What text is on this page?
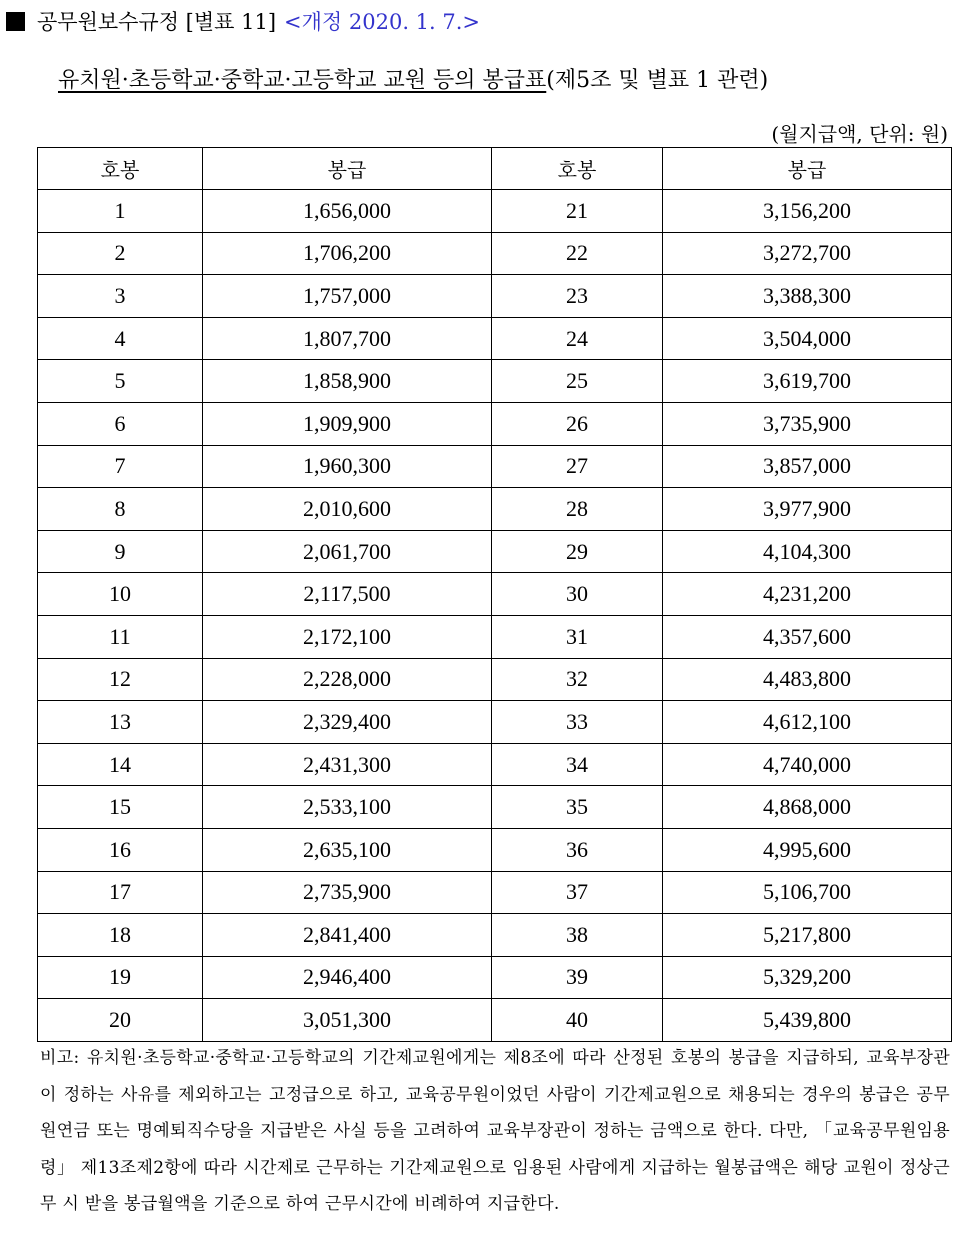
공무원보수규정 [별표 11] <개정 2020. 1. 7.>
유치원·초등학교·중학교·고등학교 교원 등의 봉급표 (제5조 및 별표 1 관련)
(월지급액, 단위: 원)
호봉	봉급	호봉	봉급
1	1,656,000	21	3,156,200
2	1,706,200	22	3,272,700
3	1,757,000	23	3,388,300
4	1,807,700	24	3,504,000
5	1,858,900	25	3,619,700
6	1,909,900	26	3,735,900
7	1,960,300	27	3,857,000
8	2,010,600	28	3,977,900
9	2,061,700	29	4,104,300
10	2,117,500	30	4,231,200
11	2,172,100	31	4,357,600
12	2,228,000	32	4,483,800
13	2,329,400	33	4,612,100
14	2,431,300	34	4,740,000
15	2,533,100	35	4,868,000
16	2,635,100	36	4,995,600
17	2,735,900	37	5,106,700
18	2,841,400	38	5,217,800
19	2,946,400	39	5,329,200
20	3,051,300	40	5,439,800
비고: 유치원·초등학교·중학교·고등학교의 기간제교원에게는 제8조에 따라 산정된 호봉의 봉급을 지급하되, 교육부장관이 정하는 사유를 제외하고는 고정급으로 하고, 교육공무원이었던 사람이 기간제교원으로 채용되는 경우의 봉급은 공무원연금 또는 명예퇴직수당을 지급받은 사실 등을 고려하여 교육부장관이 정하는 금액으로 한다. 다만, 「교육공무원임용령」 제13조제2항에 따라 시간제로 근무하는 기간제교원으로 임용된 사람에게 지급하는 월봉급액은 해당 교원이 정상근무 시 받을 봉급월액을 기준으로 하여 근무시간에 비례하여 지급한다.
